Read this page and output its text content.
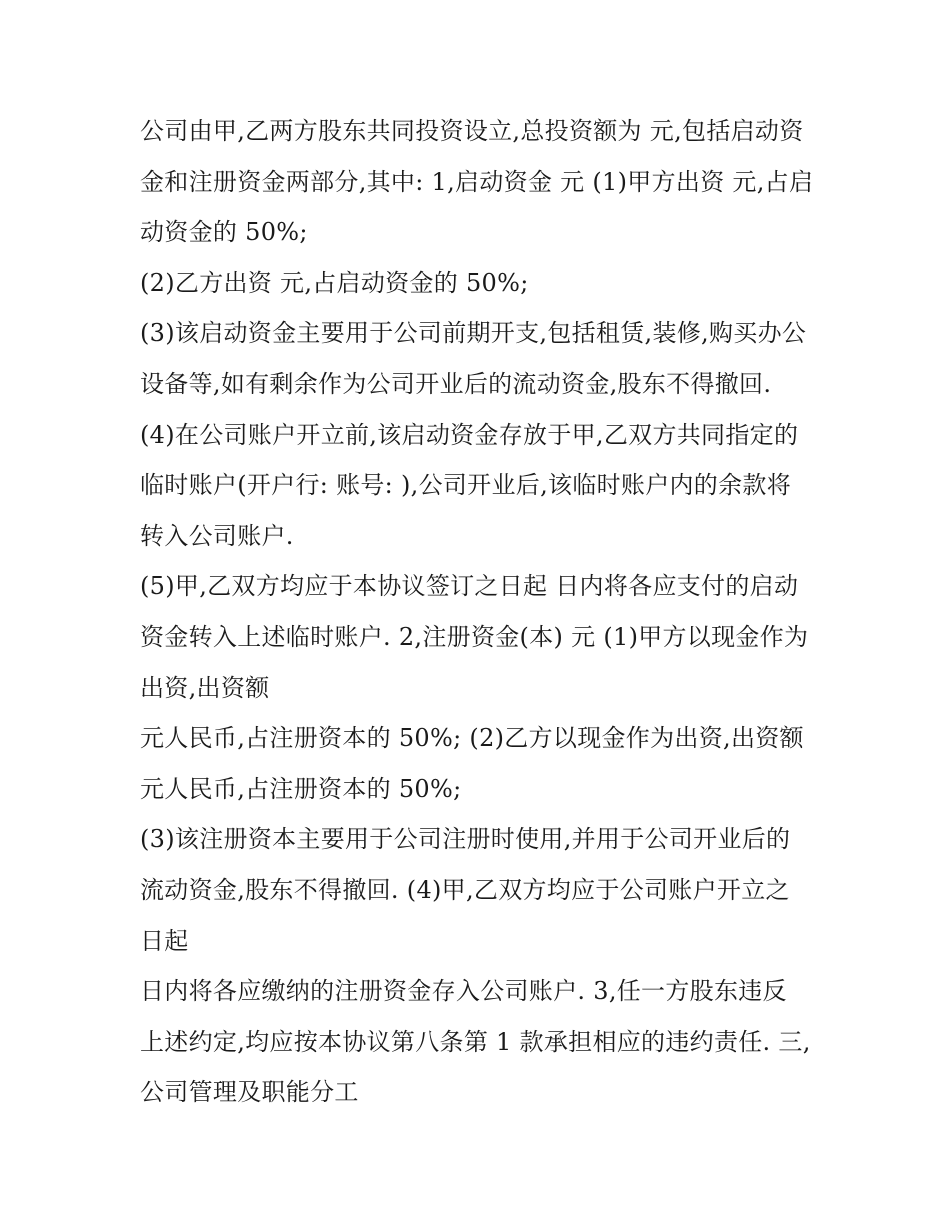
公司由甲,乙两方股东共同投资设立,总投资额为 元,包括启动资
金和注册资金两部分,其中: 1,启动资金 元 (1)甲方出资 元,占启
动资金的 50%;
(2)乙方出资 元,占启动资金的 50%;
(3)该启动资金主要用于公司前期开支,包括租赁,装修,购买办公
设备等,如有剩余作为公司开业后的流动资金,股东不得撤回.
(4)在公司账户开立前,该启动资金存放于甲,乙双方共同指定的
临时账户(开户行: 账号: ),公司开业后,该临时账户内的余款将
转入公司账户.
(5)甲,乙双方均应于本协议签订之日起 日内将各应支付的启动
资金转入上述临时账户. 2,注册资金(本) 元 (1)甲方以现金作为
出资,出资额
元人民币,占注册资本的 50%; (2)乙方以现金作为出资,出资额
元人民币,占注册资本的 50%;
(3)该注册资本主要用于公司注册时使用,并用于公司开业后的
流动资金,股东不得撤回. (4)甲,乙双方均应于公司账户开立之
日起
日内将各应缴纳的注册资金存入公司账户. 3,任一方股东违反
上述约定,均应按本协议第八条第 1 款承担相应的违约责任. 三,
公司管理及职能分工
